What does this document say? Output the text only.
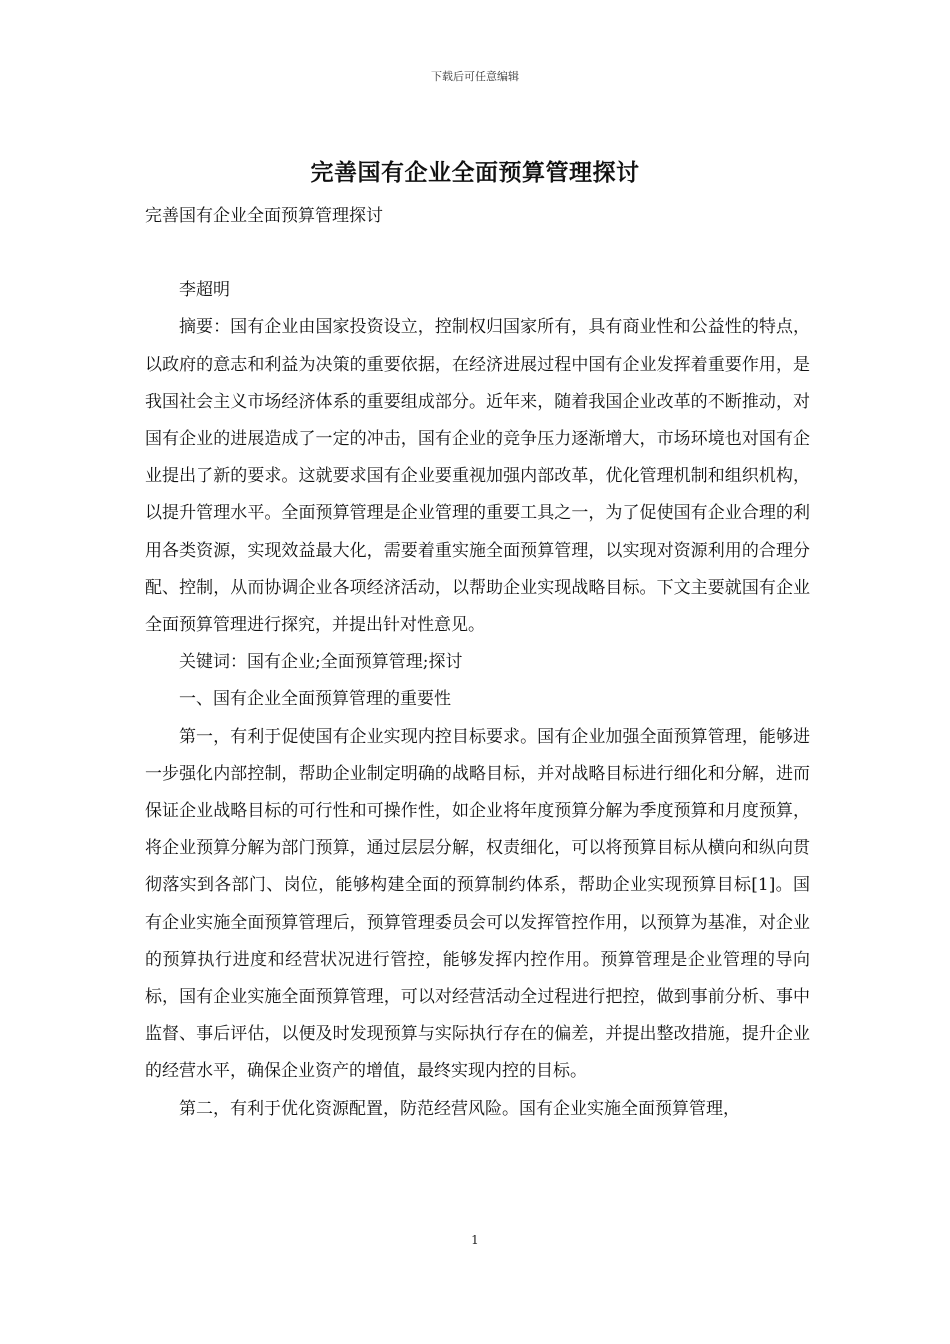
下载后可任意编辑
完善国有企业全面预算管理探讨

完善国有企业全面预算管理探讨

李超明

摘要：国有企业由国家投资设立，控制权归国家所有，具有商业性和公益性的特点，以政府的意志和利益为决策的重要依据，在经济进展过程中国有企业发挥着重要作用，是我国社会主义市场经济体系的重要组成部分。近年来，随着我国企业改革的不断推动，对国有企业的进展造成了一定的冲击，国有企业的竞争压力逐渐增大，市场环境也对国有企业提出了新的要求。这就要求国有企业要重视加强内部改革，优化管理机制和组织机构，以提升管理水平。全面预算管理是企业管理的重要工具之一，为了促使国有企业合理的利用各类资源，实现效益最大化，需要着重实施全面预算管理，以实现对资源利用的合理分配、控制，从而协调企业各项经济活动，以帮助企业实现战略目标。下文主要就国有企业全面预算管理进行探究，并提出针对性意见。

关键词：国有企业;全面预算管理;探讨

一、国有企业全面预算管理的重要性

第一，有利于促使国有企业实现内控目标要求。国有企业加强全面预算管理，能够进一步强化内部控制，帮助企业制定明确的战略目标，并对战略目标进行细化和分解，进而保证企业战略目标的可行性和可操作性，如企业将年度预算分解为季度预算和月度预算，将企业预算分解为部门预算，通过层层分解，权责细化，可以将预算目标从横向和纵向贯彻落实到各部门、岗位，能够构建全面的预算制约体系，帮助企业实现预算目标[1]。国有企业实施全面预算管理后，预算管理委员会可以发挥管控作用，以预算为基准，对企业的预算执行进度和经营状况进行管控，能够发挥内控作用。预算管理是企业管理的导向标，国有企业实施全面预算管理，可以对经营活动全过程进行把控，做到事前分析、事中监督、事后评估，以便及时发现预算与实际执行存在的偏差，并提出整改措施，提升企业的经营水平，确保企业资产的增值，最终实现内控的目标。

第二，有利于优化资源配置，防范经营风险。国有企业实施全面预算管理，

1
